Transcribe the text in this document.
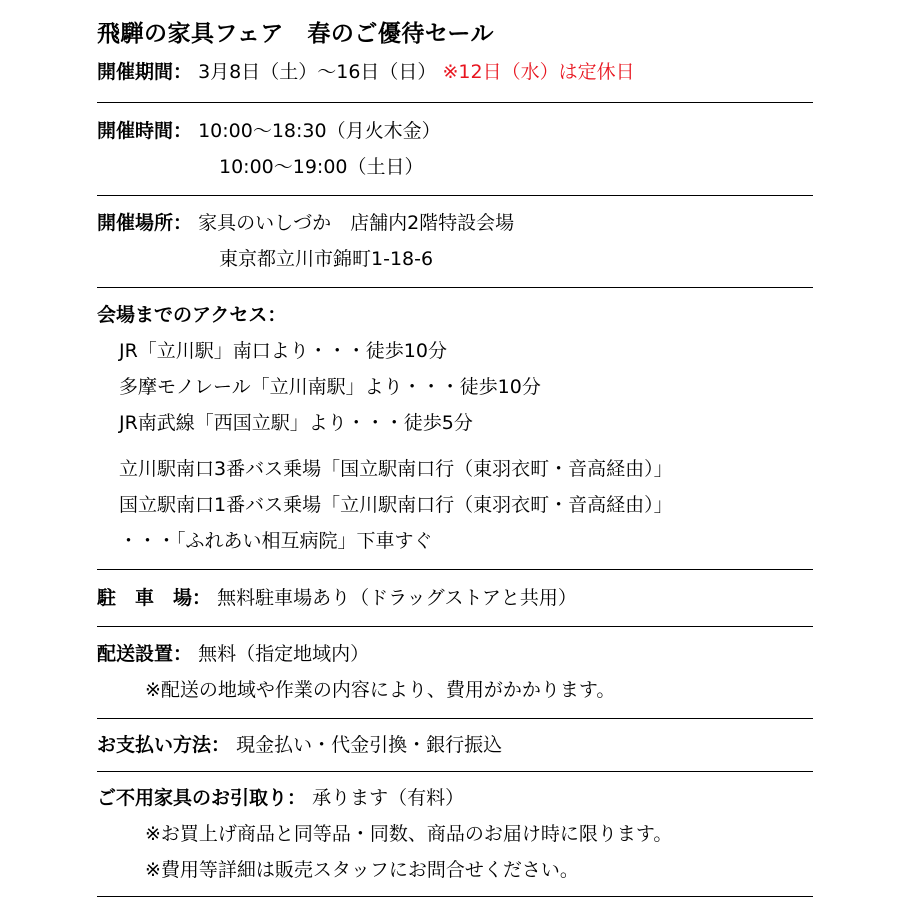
飛騨の家具フェア　春のご優待セール
開催期間： 3月8日（土）～16日（日） ※12日（水）は定休日
開催時間： 10:00～18:30（月火木金）
10:00～19:00（土日）
開催場所： 家具のいしづか　店舗内2階特設会場
東京都立川市錦町1-18-6
会場までのアクセス：
JR「立川駅」南口より・・・徒歩10分
多摩モノレール「立川南駅」より・・・徒歩10分
JR南武線「西国立駅」より・・・徒歩5分
立川駅南口3番バス乗場「国立駅南口行（東羽衣町・音高経由）」
国立駅南口1番バス乗場「立川駅南口行（東羽衣町・音高経由）」
・・・「ふれあい相互病院」下車すぐ
駐　車　場： 無料駐車場あり（ドラッグストアと共用）
配送設置： 無料（指定地域内）
※配送の地域や作業の内容により、費用がかかります。
お支払い方法： 現金払い・代金引換・銀行振込
ご不用家具のお引取り： 承ります（有料）
※お買上げ商品と同等品・同数、商品のお届け時に限ります。
※費用等詳細は販売スタッフにお問合せください。
